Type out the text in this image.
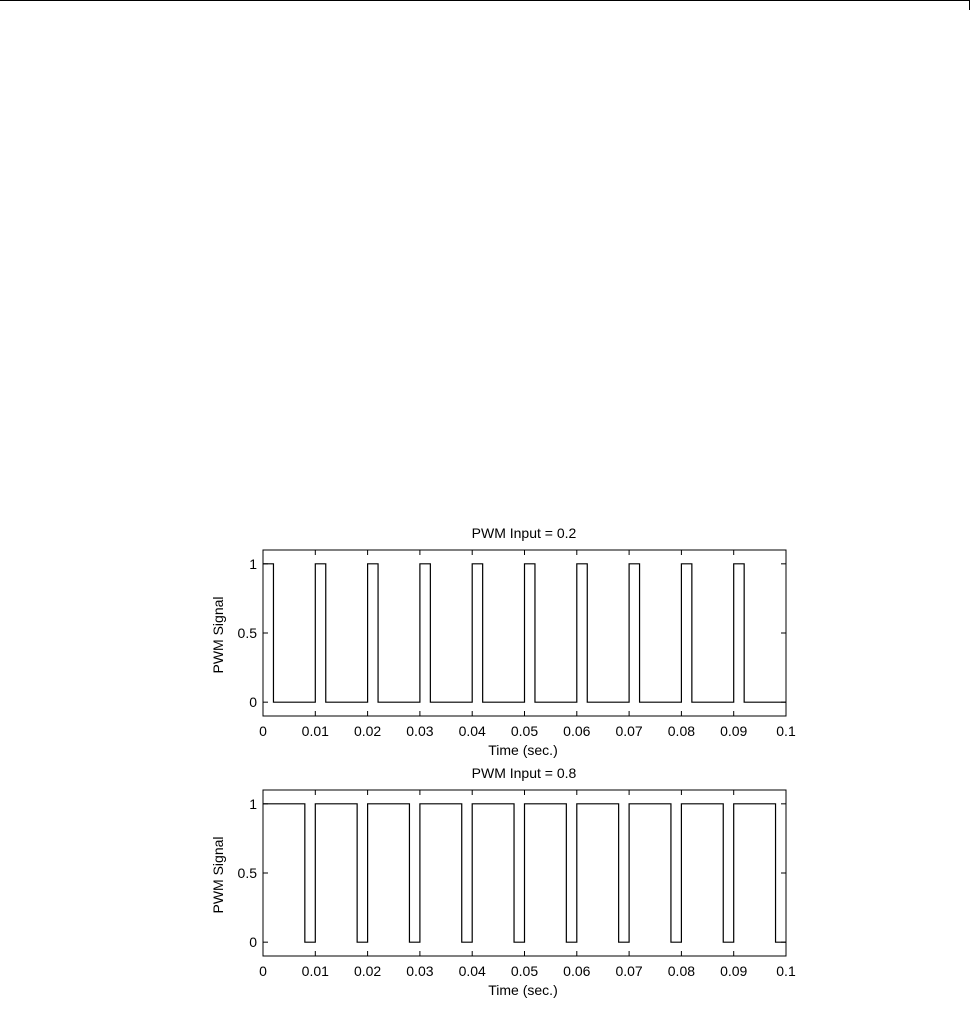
PWM Input = 0.2
PWM Signal
Time (sec.)
0 0.01 0.02 0.03 0.04 0.05 0.06 0.07 0.08 0.09 0.1
0
0.5
1
PWM Input = 0.8
PWM Signal
Time (sec.)
0 0.01 0.02 0.03 0.04 0.05 0.06 0.07 0.08 0.09 0.1
0
0.5
1
